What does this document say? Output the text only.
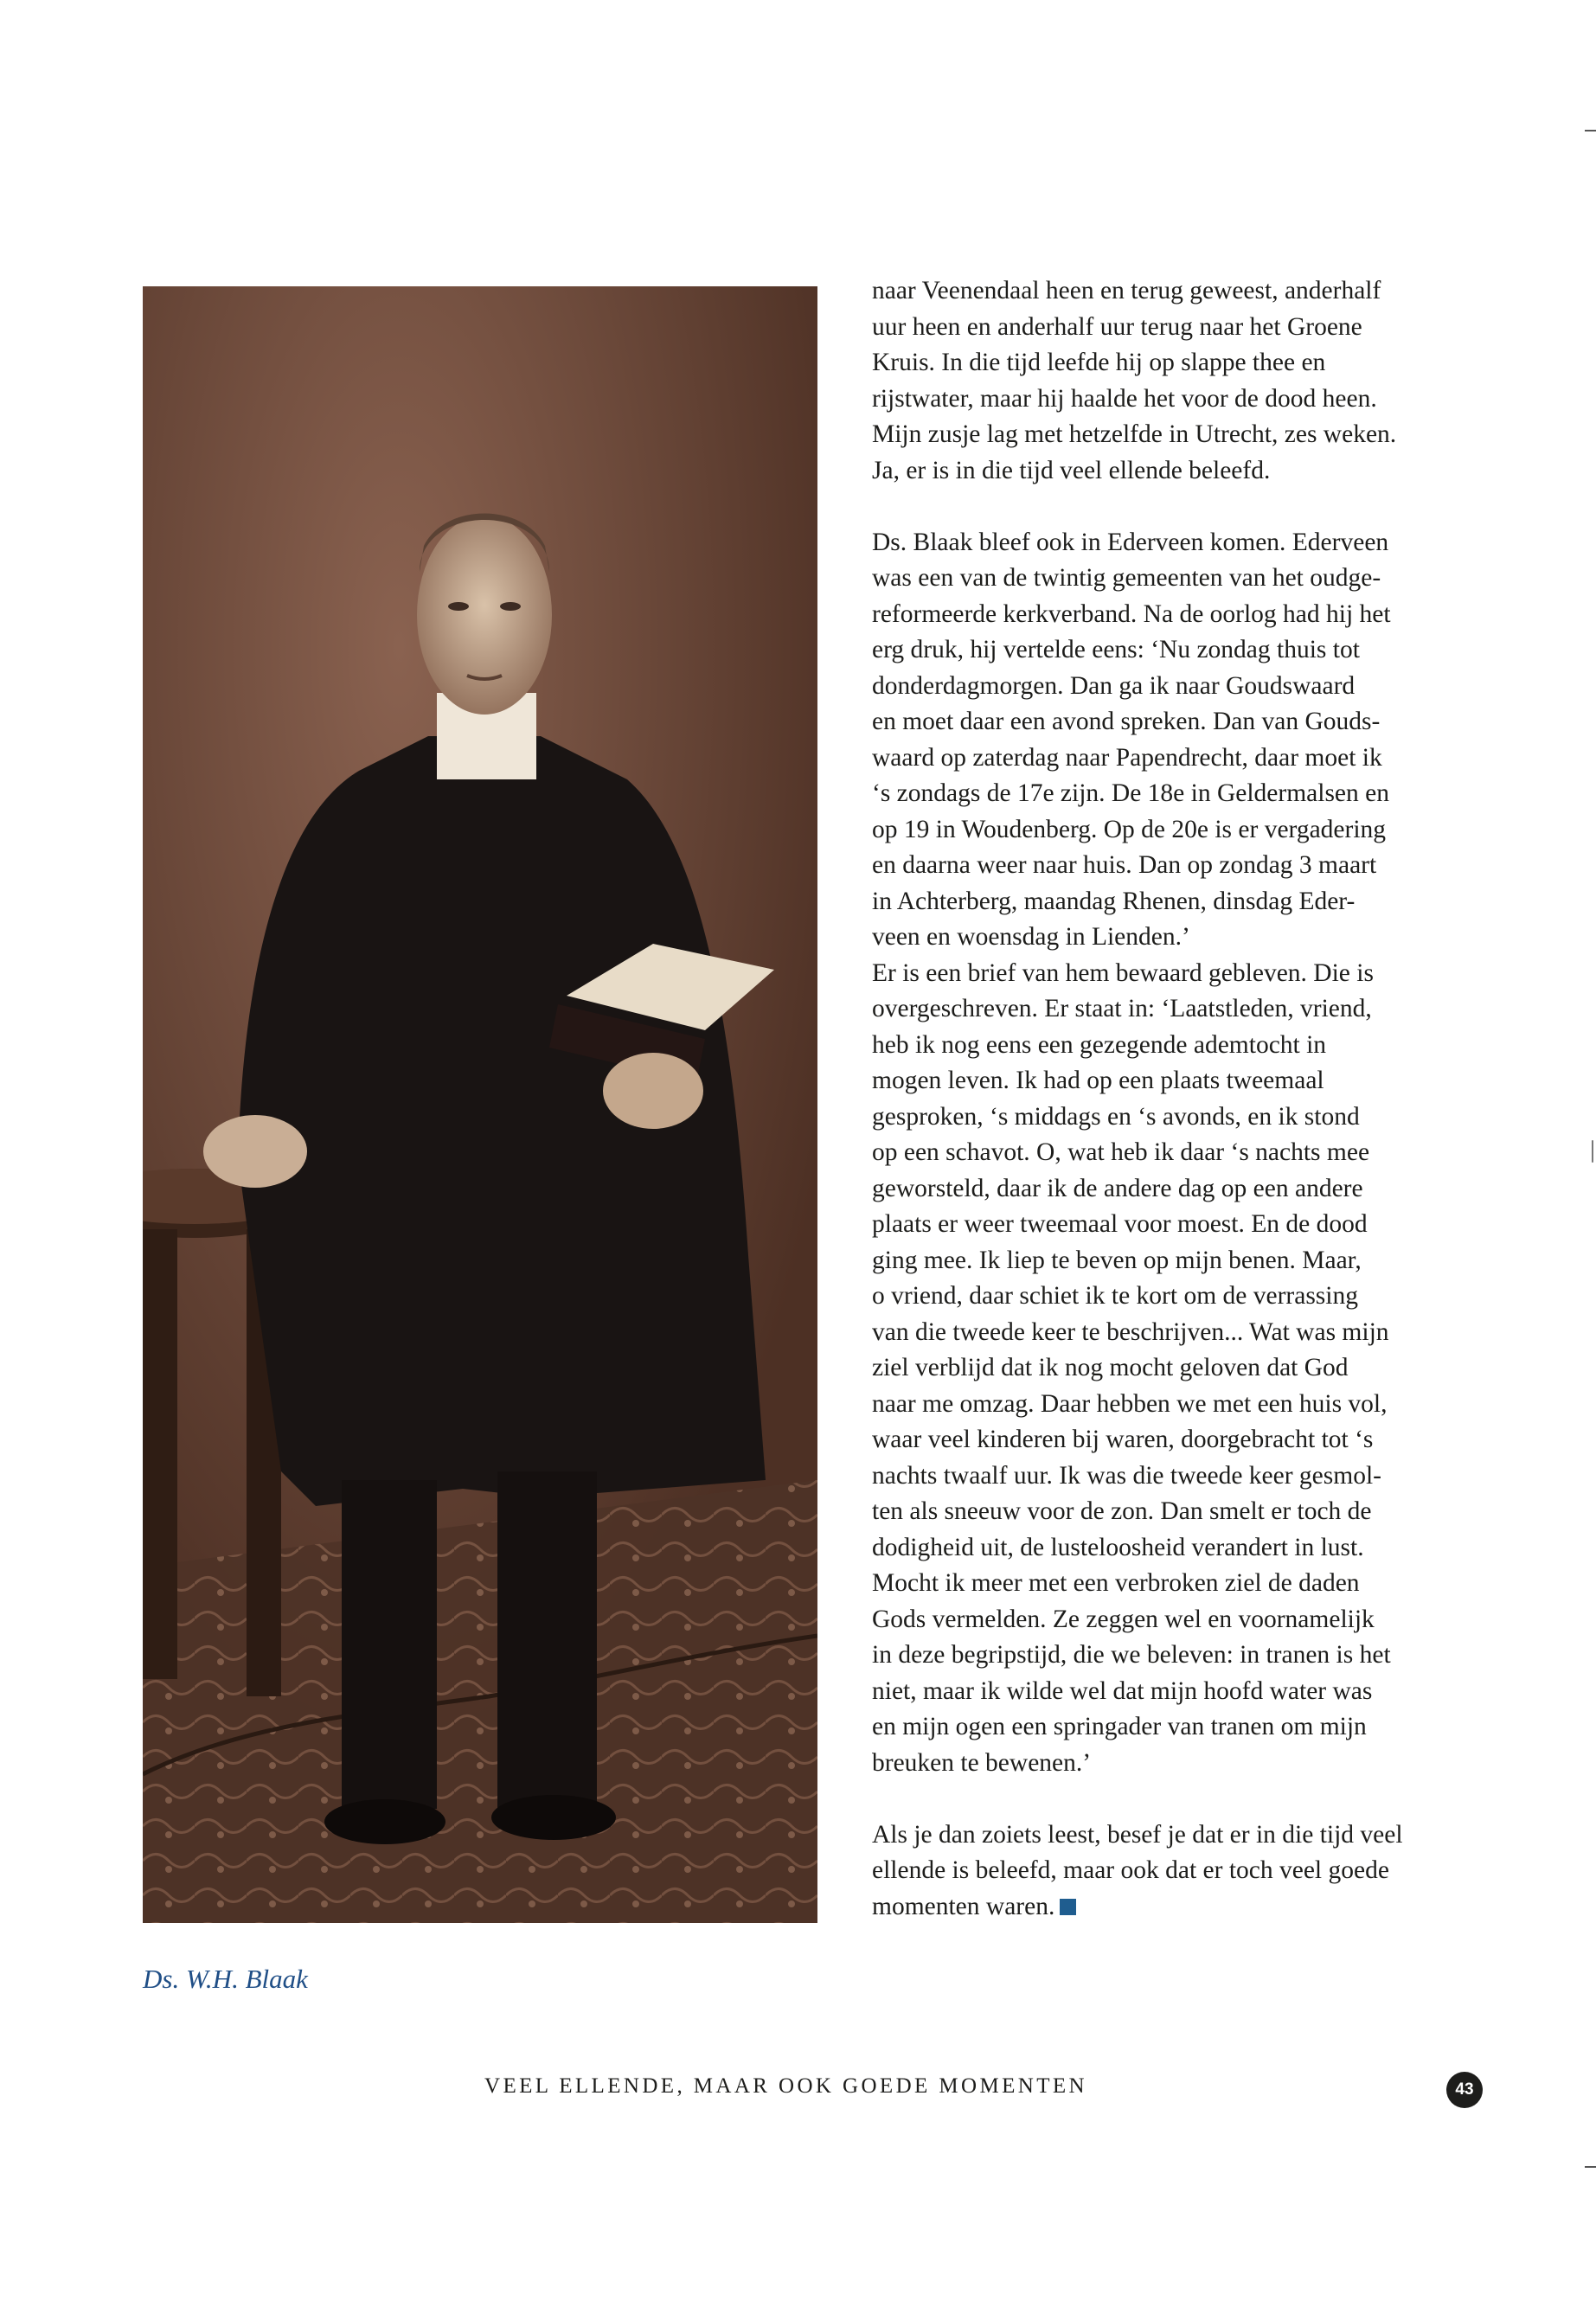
naar Veenendaal heen en terug geweest, anderhalf
uur heen en anderhalf uur terug naar het Groene
Kruis. In die tijd leefde hij op slappe thee en
rijstwater, maar hij haalde het voor de dood heen.
Mijn zusje lag met hetzelfde in Utrecht, zes weken.
Ja, er is in die tijd veel ellende beleefd.

Ds. Blaak bleef ook in Ederveen komen. Ederveen
was een van de twintig gemeenten van het oudge-
reformeerde kerkverband. Na de oorlog had hij het
erg druk, hij vertelde eens: ‘Nu zondag thuis tot
donderdagmorgen. Dan ga ik naar Goudswaard
en moet daar een avond spreken. Dan van Gouds-
waard op zaterdag naar Papendrecht, daar moet ik
‘s zondags de 17e zijn. De 18e in Geldermalsen en
op 19 in Woudenberg. Op de 20e is er vergadering
en daarna weer naar huis. Dan op zondag 3 maart
in Achterberg, maandag Rhenen, dinsdag Eder-
veen en woensdag in Lienden.’

Er is een brief van hem bewaard gebleven. Die is
overgeschreven. Er staat in: ‘Laatstleden, vriend,
heb ik nog eens een gezegende ademtocht in
mogen leven. Ik had op een plaats tweemaal
gesproken, ‘s middags en ‘s avonds, en ik stond
op een schavot. O, wat heb ik daar ‘s nachts mee
geworsteld, daar ik de andere dag op een andere
plaats er weer tweemaal voor moest. En de dood
ging mee. Ik liep te beven op mijn benen. Maar,
o vriend, daar schiet ik te kort om de verrassing
van die tweede keer te beschrijven... Wat was mijn
ziel verblijd dat ik nog mocht geloven dat God
naar me omzag. Daar hebben we met een huis vol,
waar veel kinderen bij waren, doorgebracht tot ‘s
nachts twaalf uur. Ik was die tweede keer gesmol-
ten als sneeuw voor de zon. Dan smelt er toch de
dodigheid uit, de lusteloosheid verandert in lust.
Mocht ik meer met een verbroken ziel de daden
Gods vermelden. Ze zeggen wel en voornamelijk
in deze begripstijd, die we beleven: in tranen is het
niet, maar ik wilde wel dat mijn hoofd water was
en mijn ogen een springader van tranen om mijn
breuken te bewenen.’

Als je dan zoiets leest, besef je dat er in die tijd veel
ellende is beleefd, maar ook dat er toch veel goede
momenten waren.

Ds. W.H. Blaak
VEEL ELLENDE, MAAR OOK GOEDE MOMENTEN	43
